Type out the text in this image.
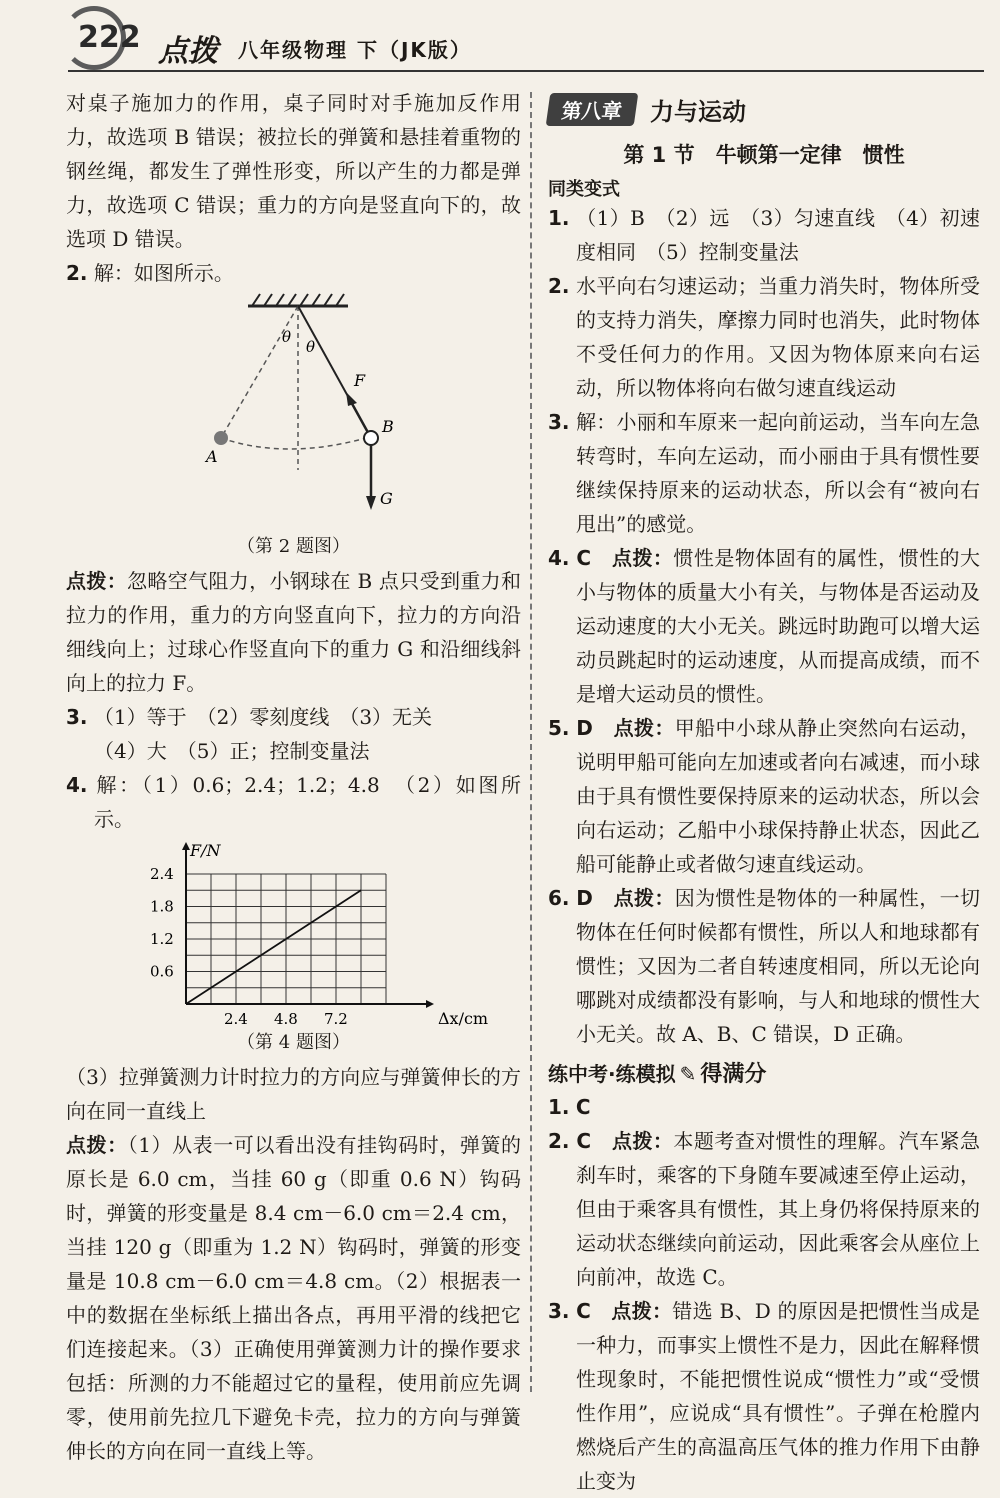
222 点拨 八年级物理 下（JK版）

对桌子施加力的作用，桌子同时对手施加反作用力，故选项 B 错误；被拉长的弹簧和悬挂着重物的钢丝绳，都发生了弹性形变，所以产生的力都是弹力，故选项 C 错误；重力的方向是竖直向下的，故选项 D 错误。

2. 解：如图所示。

θ
θ
F
A
B
G

（第 2 题图）

点拨：忽略空气阻力，小钢球在 B 点只受到重力和拉力的作用，重力的方向竖直向下，拉力的方向沿细线向上；过球心作竖直向下的重力 G 和沿细线斜向上的拉力 F。

3. （1）等于　（2）零刻度线　（3）无关

（4）大　（5）正；控制变量法

4. 解：（1）0.6；2.4；1.2；4.8　（2）如图所示。

2.4 4.8 7.2
0.6
1.2
1.8
2.4
F/N
Δx/cm

（第 4 题图）

（3）拉弹簧测力计时拉力的方向应与弹簧伸长的方向在同一直线上

点拨：（1）从表一可以看出没有挂钩码时，弹簧的原长是 6.0 cm，当挂 60 g（即重 0.6 N）钩码时，弹簧的形变量是 8.4 cm－6.0 cm＝2.4 cm，当挂 120 g（即重为 1.2 N）钩码时，弹簧的形变量是 10.8 cm－6.0 cm＝4.8 cm。（2）根据表一中的数据在坐标纸上描出各点，再用平滑的线把它们连接起来。（3）正确使用弹簧测力计的操作要求包括：所测的力不能超过它的量程，使用前应先调零，使用前先拉几下避免卡壳，拉力的方向与弹簧伸长的方向在同一直线上等。

第八章	力与运动
第 1 节　牛顿第一定律　惯性
同类变式

1. （1）B　（2）远　（3）匀速直线　（4）初速度相同　（5）控制变量法

2. 水平向右匀速运动；当重力消失时，物体所受的支持力消失，摩擦力同时也消失，此时物体不受任何力的作用。又因为物体原来向右运动，所以物体将向右做匀速直线运动

3. 解：小丽和车原来一起向前运动，当车向左急转弯时，车向左运动，而小丽由于具有惯性要继续保持原来的运动状态，所以会有“被向右甩出”的感觉。

4. C　点拨：惯性是物体固有的属性，惯性的大小与物体的质量大小有关，与物体是否运动及运动速度的大小无关。跳远时助跑可以增大运动员跳起时的运动速度，从而提高成绩，而不是增大运动员的惯性。

5. D　点拨：甲船中小球从静止突然向右运动，说明甲船可能向左加速或者向右减速，而小球由于具有惯性要保持原来的运动状态，所以会向右运动；乙船中小球保持静止状态，因此乙船可能静止或者做匀速直线运动。

6. D　点拨：因为惯性是物体的一种属性，一切物体在任何时候都有惯性，所以人和地球都有惯性；又因为二者自转速度相同，所以无论向哪跳对成绩都没有影响，与人和地球的惯性大小无关。故 A、B、C 错误，D 正确。

练中考·练模拟 ✎ 得满分

1. C

2. C　点拨：本题考查对惯性的理解。汽车紧急刹车时，乘客的下身随车要减速至停止运动，但由于乘客具有惯性，其上身仍将保持原来的运动状态继续向前运动，因此乘客会从座位上向前冲，故选 C。

3. C　点拨：错选 B、D 的原因是把惯性当成是一种力，而事实上惯性不是力，因此在解释惯性现象时，不能把惯性说成“惯性力”或“受惯性作用”，应说成“具有惯性”。子弹在枪膛内燃烧后产生的高温高压气体的推力作用下由静止变为
